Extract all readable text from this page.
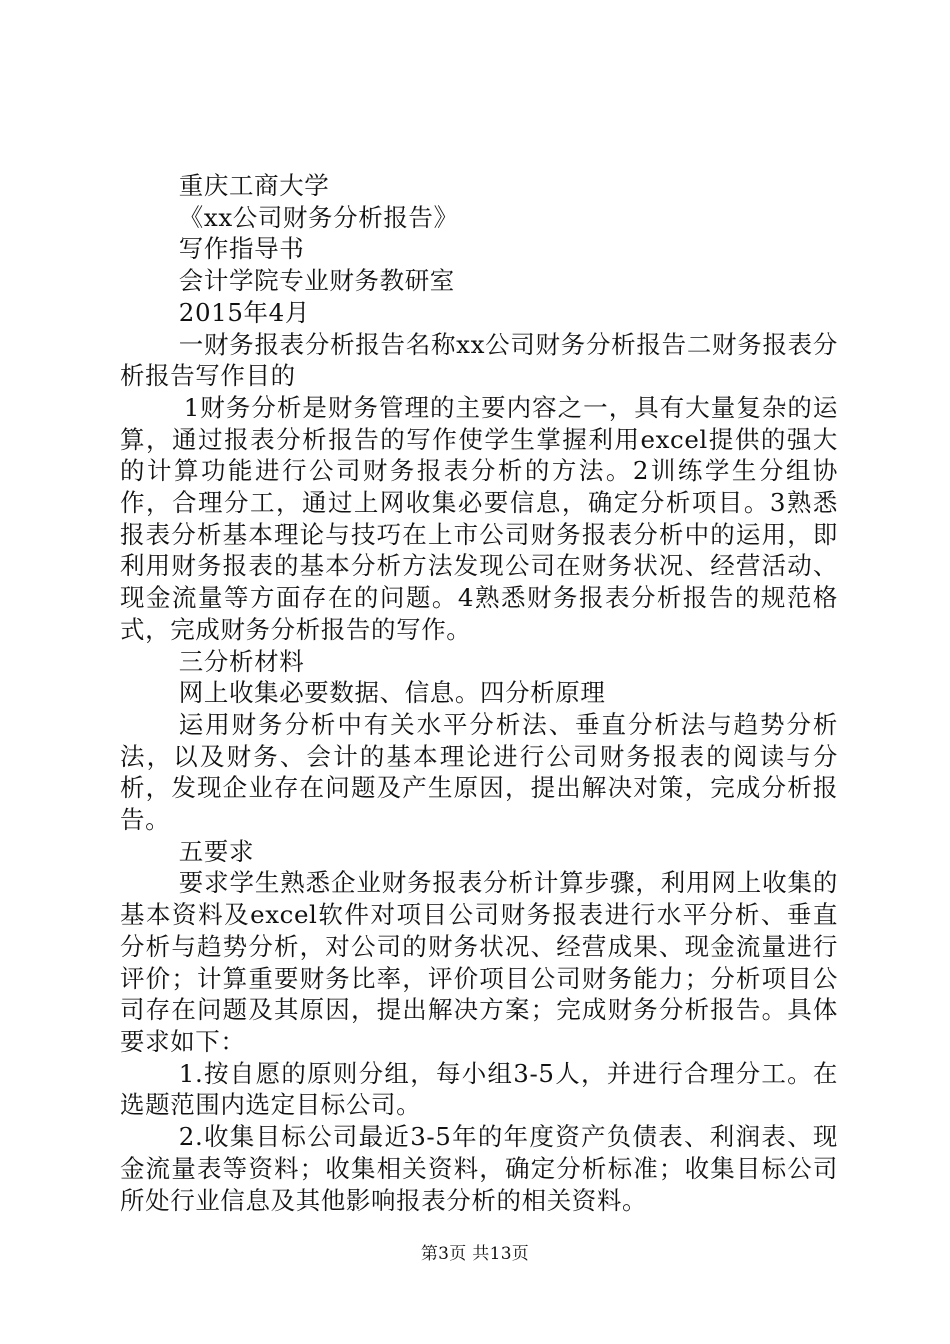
重庆工商大学

《xx公司财务分析报告》

写作指导书

会计学院专业财务教研室

2015年4月

一财务报表分析报告名称xx公司财务分析报告二财务报表分析报告写作目的

1财务分析是财务管理的主要内容之一，具有大量复杂的运算，通过报表分析报告的写作使学生掌握利用excel提供的强大的计算功能进行公司财务报表分析的方法。2训练学生分组协作，合理分工，通过上网收集必要信息，确定分析项目。3熟悉报表分析基本理论与技巧在上市公司财务报表分析中的运用，即利用财务报表的基本分析方法发现公司在财务状况、经营活动、现金流量等方面存在的问题。4熟悉财务报表分析报告的规范格式，完成财务分析报告的写作。

三分析材料

网上收集必要数据、信息。四分析原理

运用财务分析中有关水平分析法、垂直分析法与趋势分析法，以及财务、会计的基本理论进行公司财务报表的阅读与分析，发现企业存在问题及产生原因，提出解决对策，完成分析报告。

五要求

要求学生熟悉企业财务报表分析计算步骤，利用网上收集的基本资料及excel软件对项目公司财务报表进行水平分析、垂直分析与趋势分析，对公司的财务状况、经营成果、现金流量进行评价；计算重要财务比率，评价项目公司财务能力；分析项目公司存在问题及其原因，提出解决方案；完成财务分析报告。具体要求如下：

1.按自愿的原则分组，每小组3-5人，并进行合理分工。在选题范围内选定目标公司。

2.收集目标公司最近3-5年的年度资产负债表、利润表、现金流量表等资料；收集相关资料，确定分析标准；收集目标公司所处行业信息及其他影响报表分析的相关资料。

第3页 共13页
